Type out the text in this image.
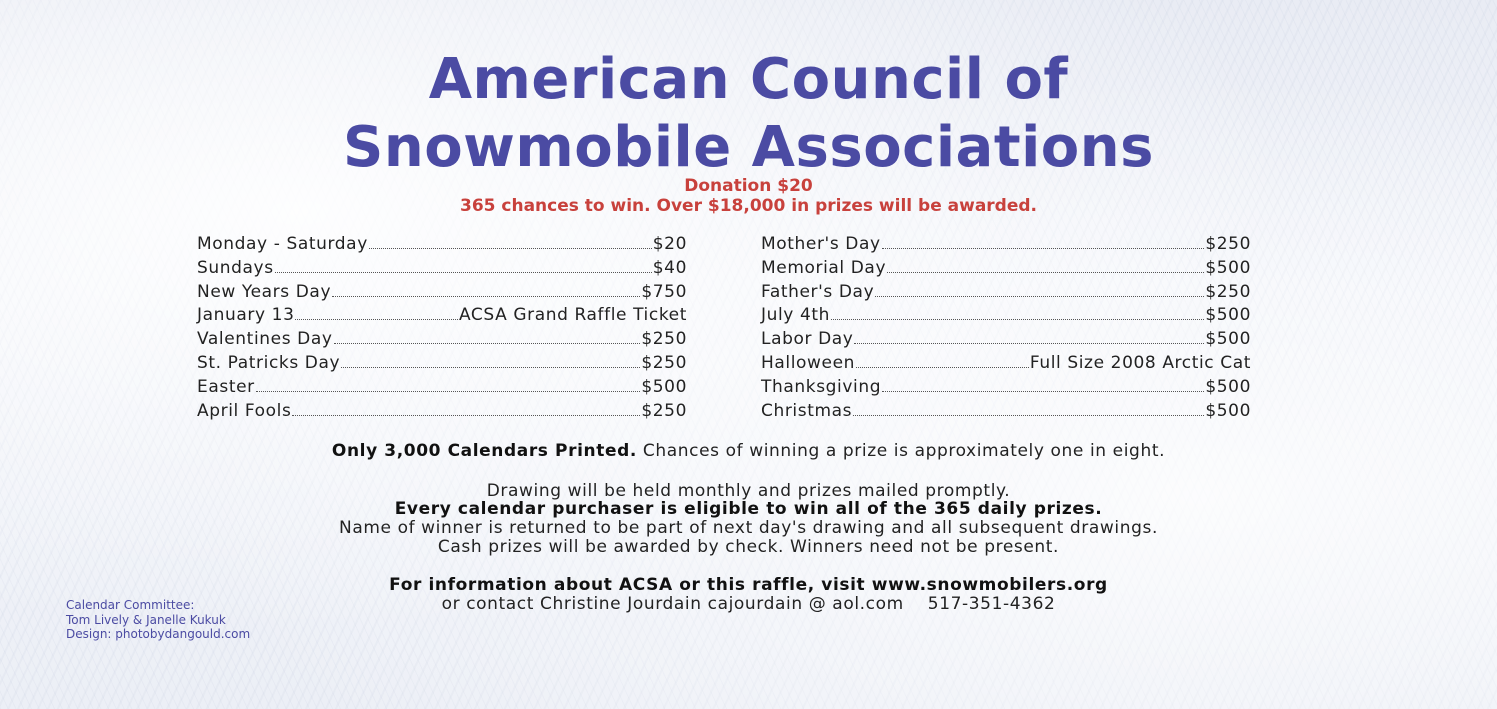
American Council of
Snowmobile Associations
Donation $20
365 chances to win. Over $18,000 in prizes will be awarded.
Monday - Saturday	$20
Sundays	$40
New Years Day	$750
January 13	ACSA Grand Raffle Ticket
Valentines Day	$250
St. Patricks Day	$250
Easter	$500
April Fools	$250
Mother's Day	$250
Memorial Day	$500
Father's Day	$250
July 4th	$500
Labor Day	$500
Halloween	Full Size 2008 Arctic Cat
Thanksgiving	$500
Christmas	$500
Only 3,000 Calendars Printed. Chances of winning a prize is approximately one in eight.
Drawing will be held monthly and prizes mailed promptly.
Every calendar purchaser is eligible to win all of the 365 daily prizes.
Name of winner is returned to be part of next day's drawing and all subsequent drawings.
Cash prizes will be awarded by check. Winners need not be present.
For information about ACSA or this raffle, visit www.snowmobilers.org
or contact Christine Jourdain cajourdain @ aol.com    517-351-4362
Calendar Committee:
Tom Lively & Janelle Kukuk
Design: photobydangould.com
